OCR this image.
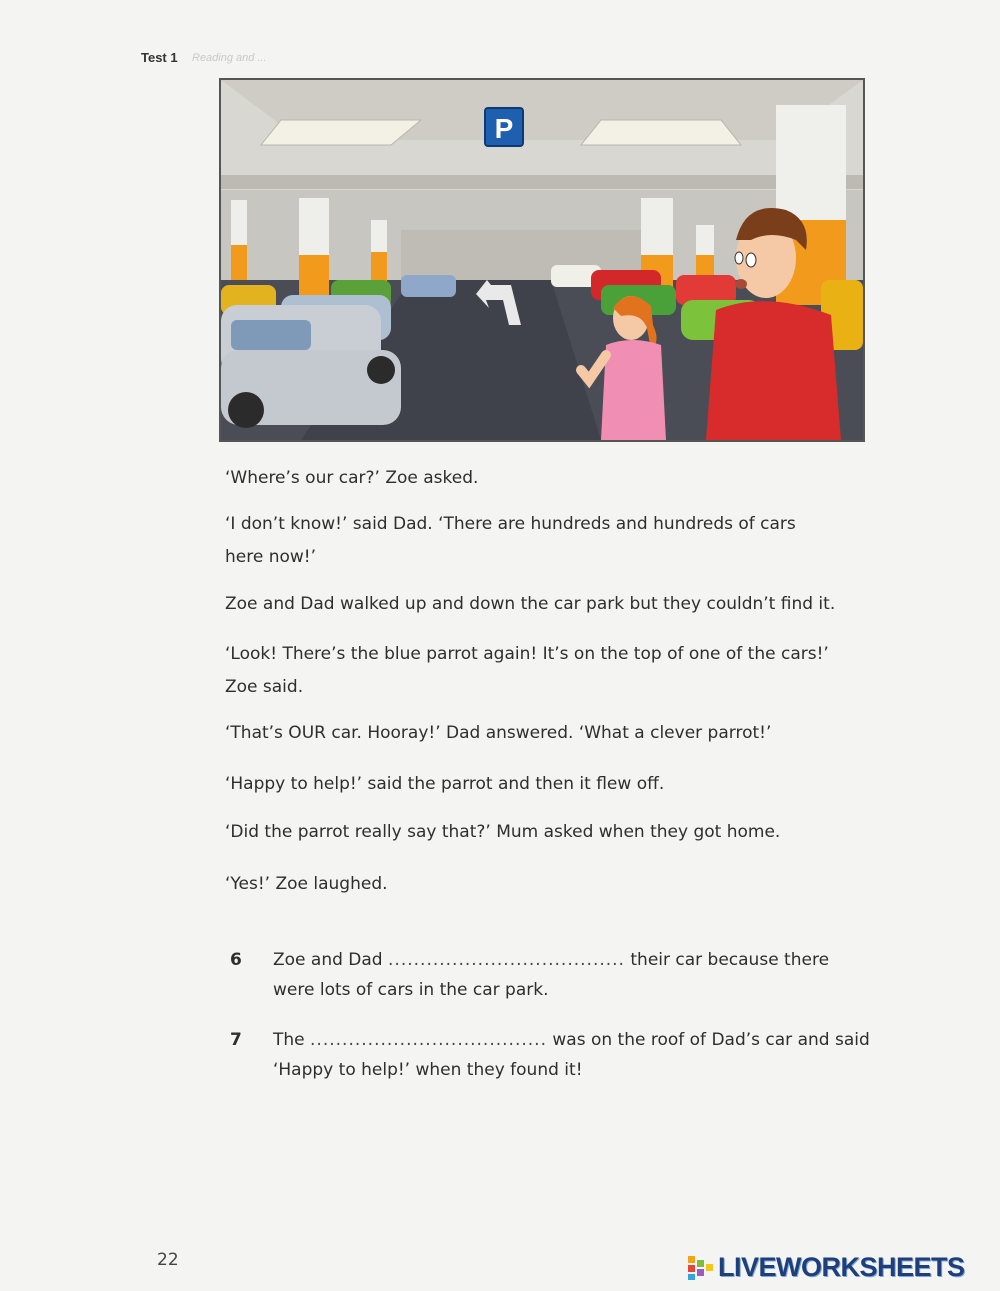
Test 1 Reading and ...
P

‘Where’s our car?’ Zoe asked.

‘I don’t know!’ said Dad. ‘There are hundreds and hundreds of cars here now!’

Zoe and Dad walked up and down the car park but they couldn’t find it.

‘Look! There’s the blue parrot again! It’s on the top of one of the cars!’ Zoe said.

‘That’s OUR car. Hooray!’ Dad answered. ‘What a clever parrot!’

‘Happy to help!’ said the parrot and then it flew off.

‘Did the parrot really say that?’ Mum asked when they got home.

‘Yes!’ Zoe laughed.

6 Zoe and Dad ..................................... their car because there were lots of cars in the car park.
7 The ..................................... was on the roof of Dad’s car and said ‘Happy to help!’ when they found it!
22	LIVEWORKSHEETS
